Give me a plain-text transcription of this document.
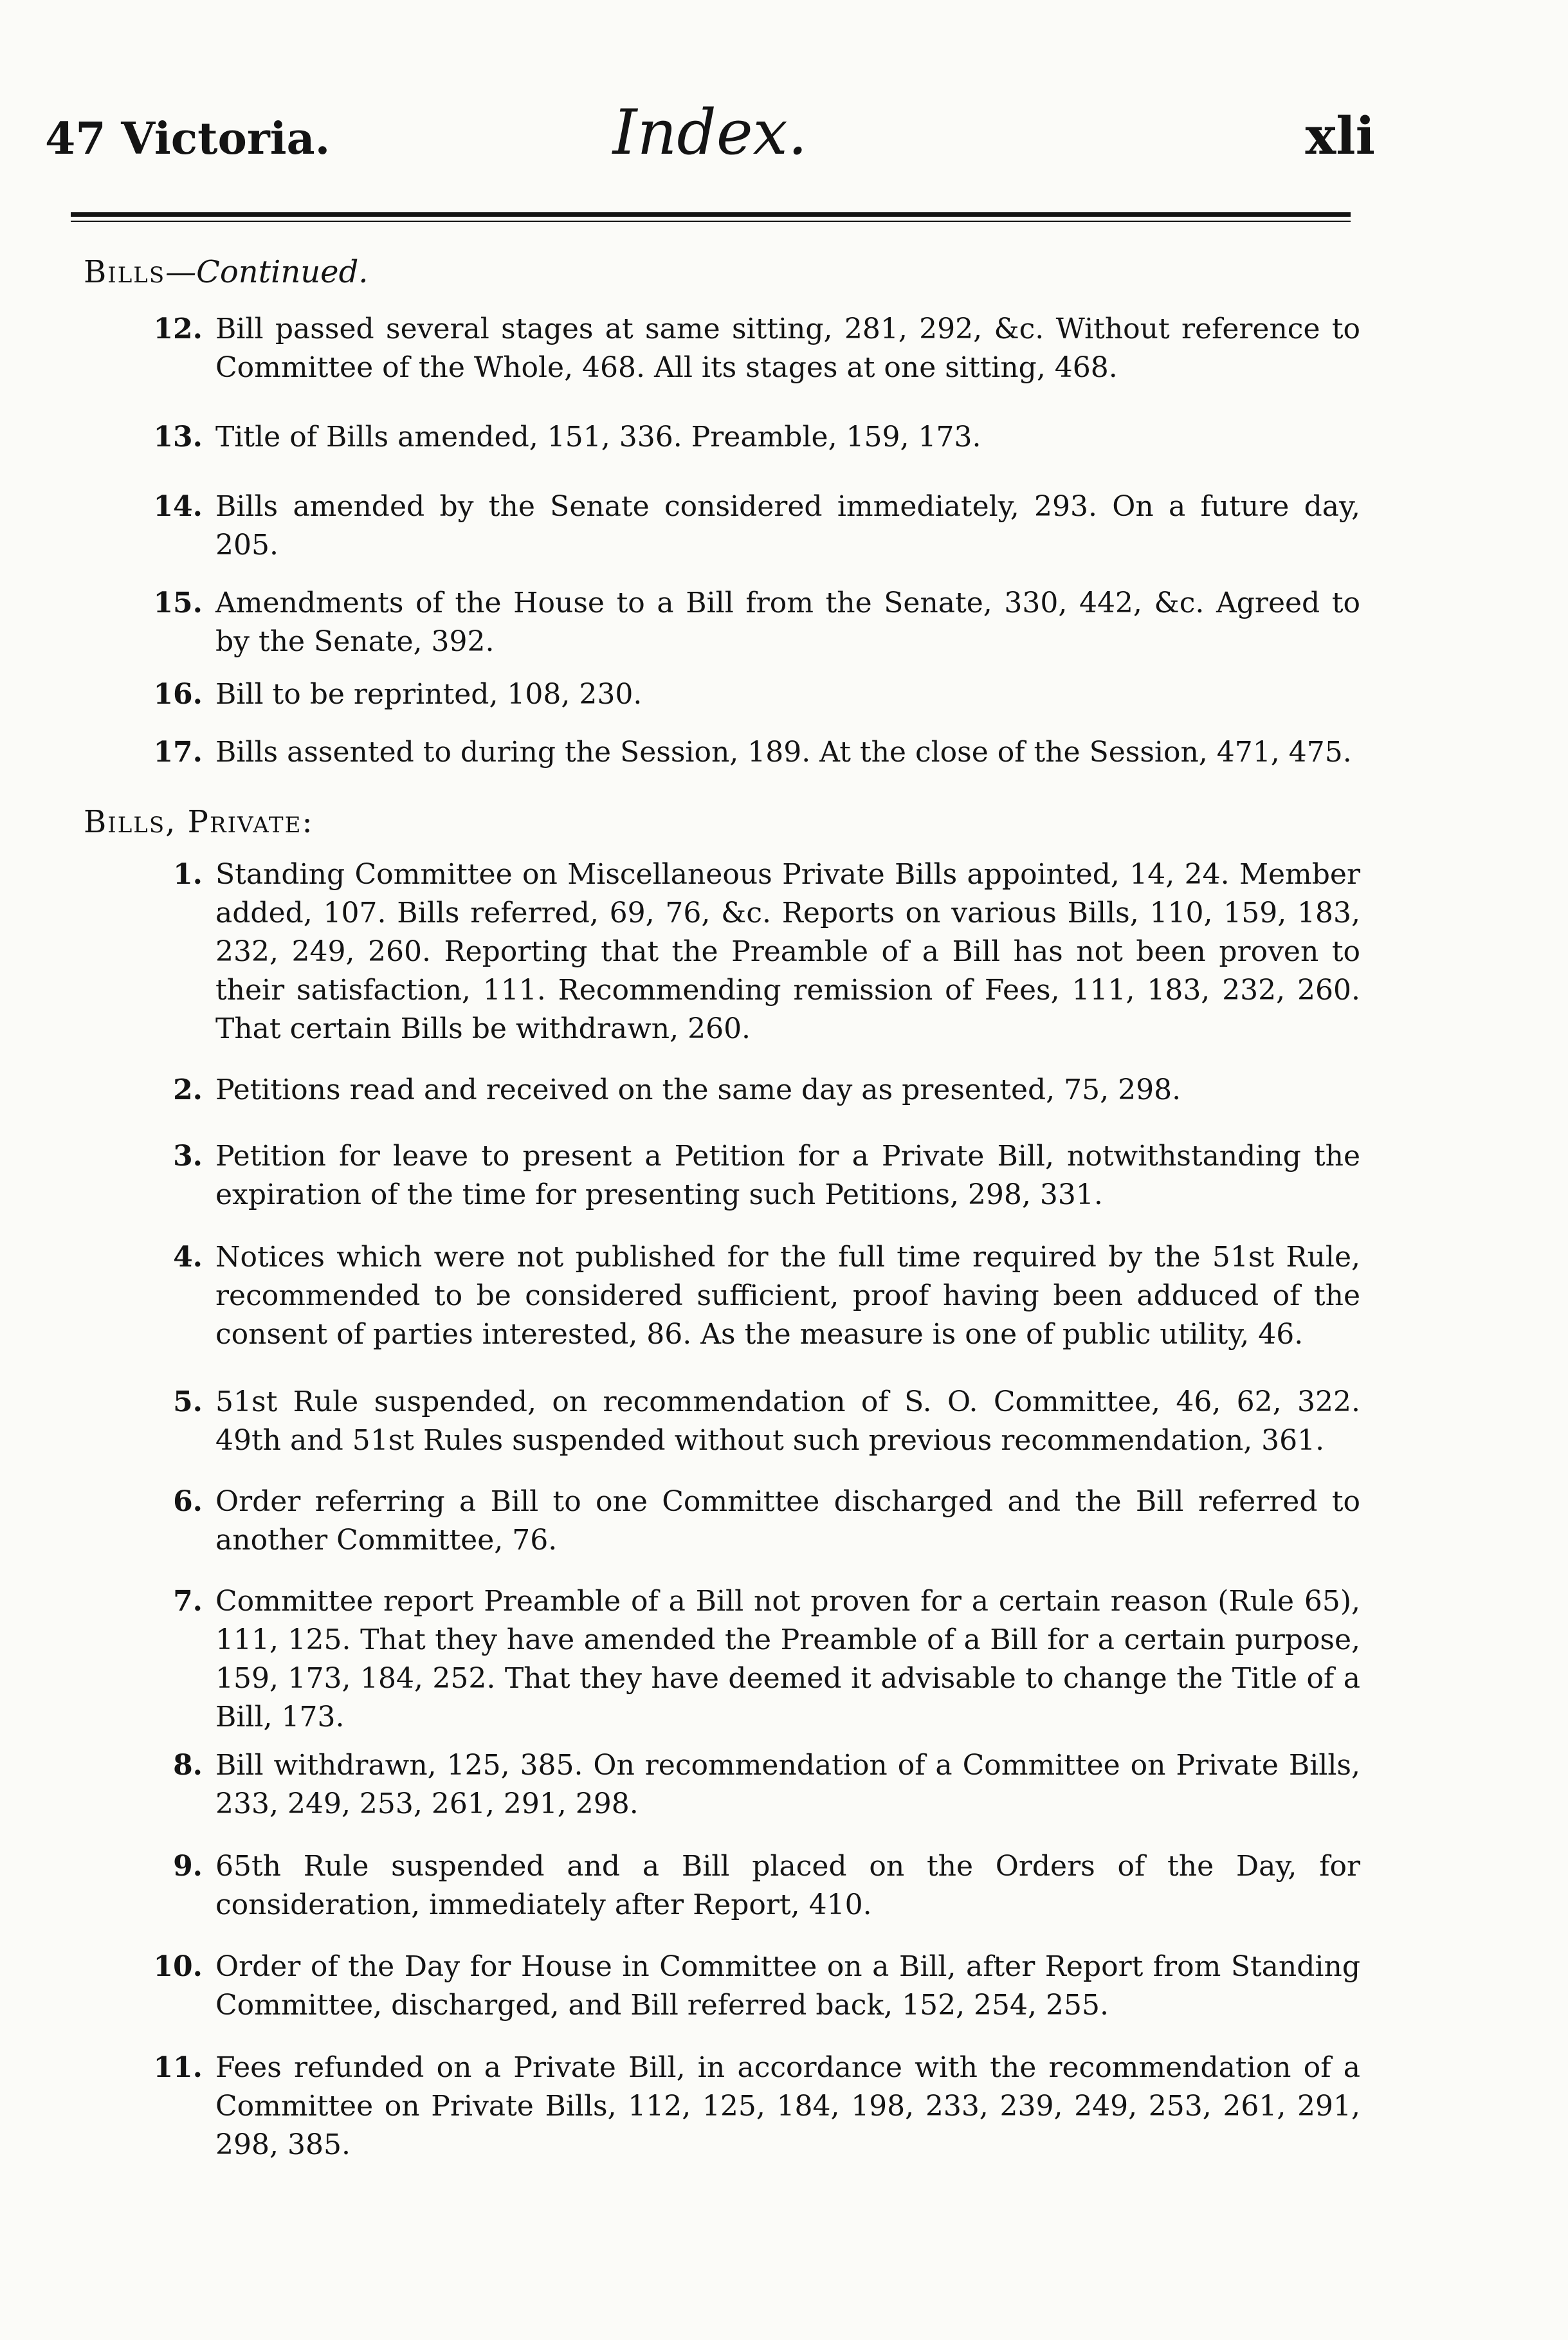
47 Victoria.	Index.	xli
Bills—Continued.
12. Bill passed several stages at same sitting, 281, 292, &c. Without reference to Committee of the Whole, 468. All its stages at one sitting, 468.
13. Title of Bills amended, 151, 336. Preamble, 159, 173.
14. Bills amended by the Senate considered immediately, 293. On a future day, 205.
15. Amendments of the House to a Bill from the Senate, 330, 442, &c. Agreed to by the Senate, 392.
16. Bill to be reprinted, 108, 230.
17. Bills assented to during the Session, 189. At the close of the Session, 471, 475.
Bills, Private:
1. Standing Committee on Miscellaneous Private Bills appointed, 14, 24. Member added, 107. Bills referred, 69, 76, &c. Reports on various Bills, 110, 159, 183, 232, 249, 260. Reporting that the Preamble of a Bill has not been proven to their satisfaction, 111. Recommending remission of Fees, 111, 183, 232, 260. That certain Bills be withdrawn, 260.
2. Petitions read and received on the same day as presented, 75, 298.
3. Petition for leave to present a Petition for a Private Bill, notwithstanding the expiration of the time for presenting such Petitions, 298, 331.
4. Notices which were not published for the full time required by the 51st Rule, recommended to be considered sufficient, proof having been adduced of the consent of parties interested, 86. As the measure is one of public utility, 46.
5. 51st Rule suspended, on recommendation of S. O. Committee, 46, 62, 322. 49th and 51st Rules suspended without such previous recommendation, 361.
6. Order referring a Bill to one Committee discharged and the Bill referred to another Committee, 76.
7. Committee report Preamble of a Bill not proven for a certain reason (Rule 65), 111, 125. That they have amended the Preamble of a Bill for a certain purpose, 159, 173, 184, 252. That they have deemed it advisable to change the Title of a Bill, 173.
8. Bill withdrawn, 125, 385. On recommendation of a Committee on Private Bills, 233, 249, 253, 261, 291, 298.
9. 65th Rule suspended and a Bill placed on the Orders of the Day, for consideration, immediately after Report, 410.
10. Order of the Day for House in Committee on a Bill, after Report from Standing Committee, discharged, and Bill referred back, 152, 254, 255.
11. Fees refunded on a Private Bill, in accordance with the recommendation of a Committee on Private Bills, 112, 125, 184, 198, 233, 239, 249, 253, 261, 291, 298, 385.
